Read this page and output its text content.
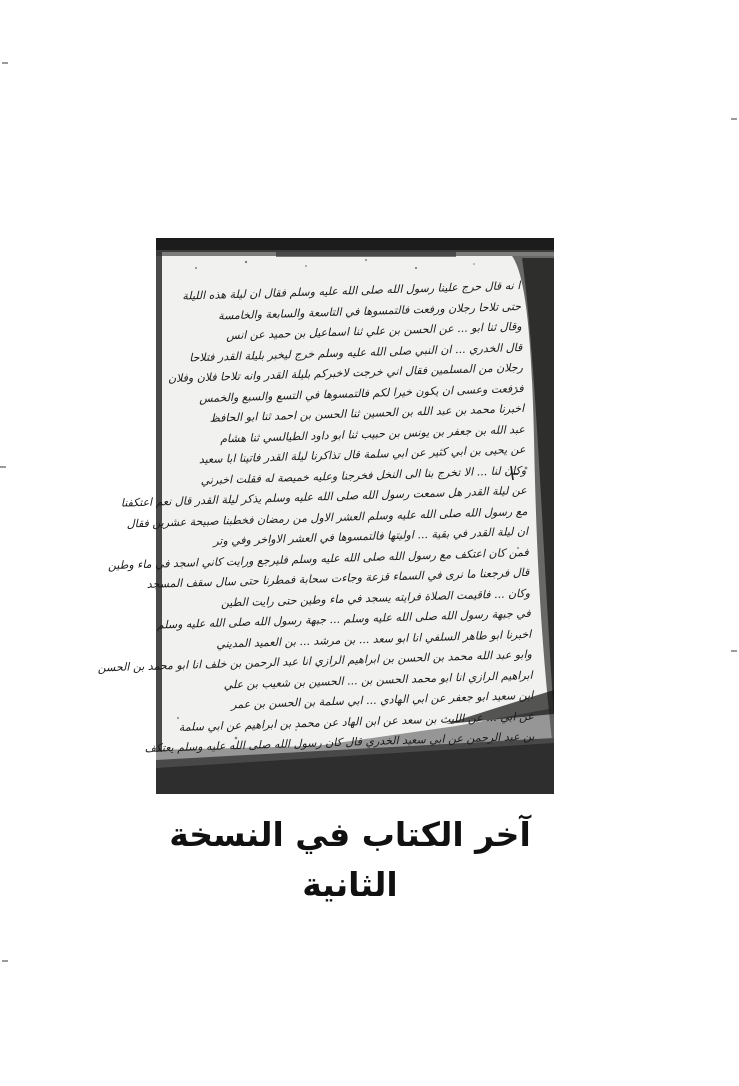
ا نه قال حرج علينا رسول الله صلى الله عليه وسلم فقال ان ليلة هذه الليلة
حتى تلاحا رجلان ورفعت فالتمسوها في التاسعة والسابعة والخامسة
وقال ثنا ابو ... عن الحسن بن علي ثنا اسماعيل بن حميد عن انس
قال الخدري ... ان النبي صلى الله عليه وسلم خرج ليخبر بليلة القدر فتلاحا
رجلان من المسلمين فقال اني خرجت لاخبركم بليلة القدر وانه تلاحا فلان وفلان
فرفعت وعسى ان يكون خيرا لكم فالتمسوها في التسع والسبع والخمس
اخبرنا محمد بن عبد الله بن الحسين ثنا الحسن بن احمد ثنا ابو الحافظ
عبد الله بن جعفر بن يونس بن حبيب ثنا ابو داود الطيالسي ثنا هشام
عن يحيى بن ابي كثير عن ابي سلمة قال تذاكرنا ليلة القدر فاتينا ابا سعيد
وكان لنا ... الا تخرج بنا الى النخل فخرجنا وعليه خميصة له فقلت اخبرني
عن ليلة القدر هل سمعت رسول الله صلى الله عليه وسلم يذكر ليلة القدر قال نعم اعتكفنا
مع رسول الله صلى الله عليه وسلم العشر الاول من رمضان فخطبنا صبيحة عشرين فقال
ان ليلة القدر في بقية ... اوليتها فالتمسوها في العشر الاواخر وفي وتر
فمن كان اعتكف مع رسول الله صلى الله عليه وسلم فليرجع ورايت كاني اسجد في ماء وطين
قال فرجعنا ما نرى في السماء قزعة وجاءت سحابة فمطرنا حتى سال سقف المسجد
وكان ... فاقيمت الصلاة فرايته يسجد في ماء وطين حتى رايت الطين
في جبهة رسول الله صلى الله عليه وسلم ... جبهة رسول الله صلى الله عليه وسلم
اخبرنا ابو طاهر السلفي انا ابو سعد ... بن مرشد ... بن العميد المديني
وابو عبد الله محمد بن الحسن بن ابراهيم الرازي انا عبد الرحمن بن خلف انا ابو محمد بن الحسن
ابراهيم الرازي انا ابو محمد الحسن بن ... الحسين بن شعيب بن علي
ابن سعيد ابو جعفر عن ابي الهادي ... ابي سلمة بن الحسن بن عمر
عن ابي ... عن الليث بن سعد عن ابن الهاد عن محمد بن ابراهيم عن ابي سلمة
بن عبد الرحمن عن ابي سعيد الخدري قال كان رسول الله صلى الله عليه وسلم يعتكف
آخر الكتاب في النسخة الثانية
